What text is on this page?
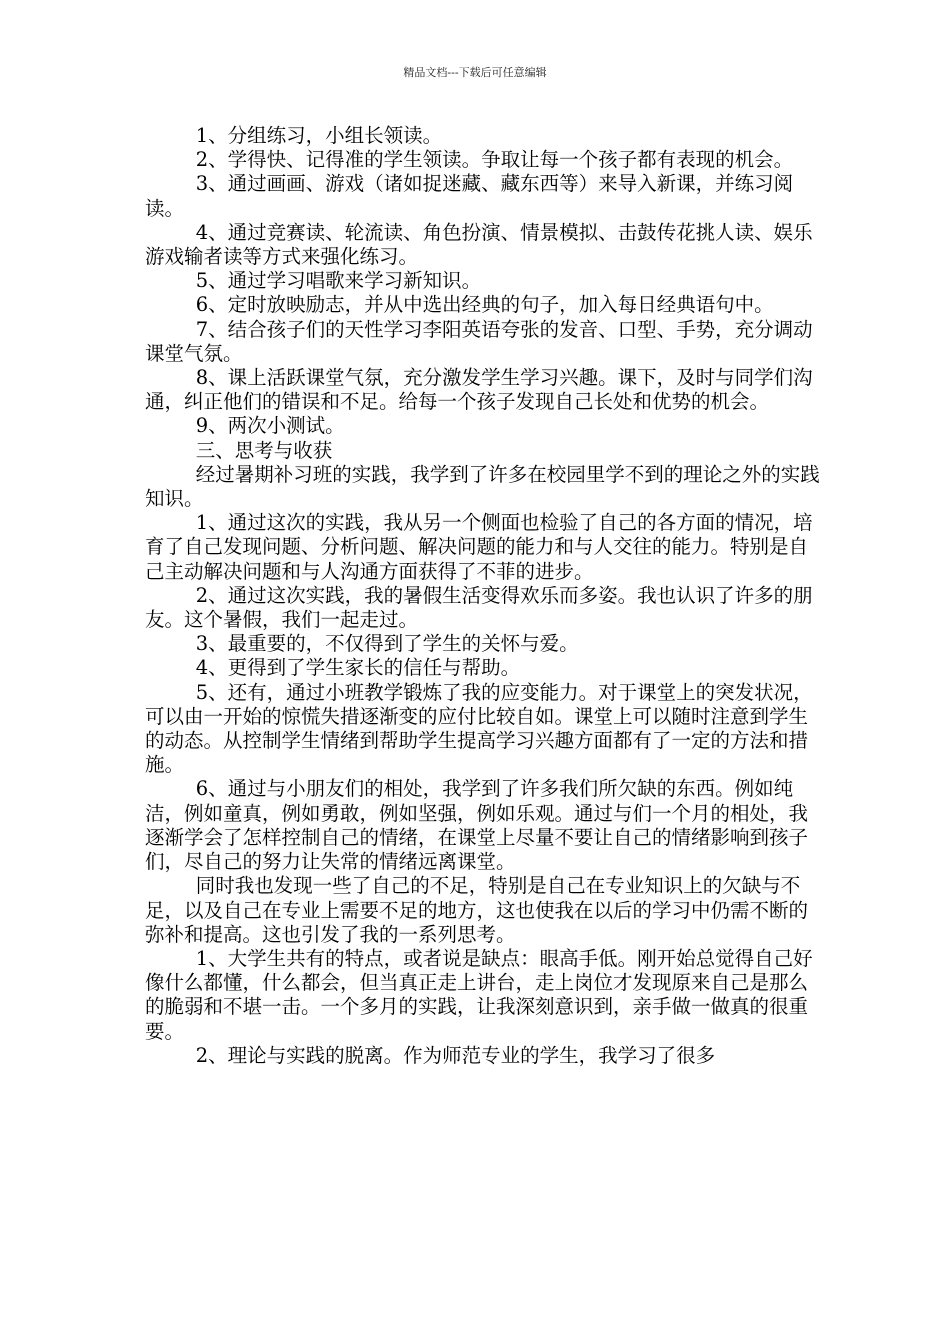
精品文档---下载后可任意编辑

1、分组练习，小组长领读。

2、学得快、记得准的学生领读。争取让每一个孩子都有表现的机会。

3、通过画画、游戏（诸如捉迷藏、藏东西等）来导入新课，并练习阅读。

4、通过竞赛读、轮流读、角色扮演、情景模拟、击鼓传花挑人读、娱乐游戏输者读等方式来强化练习。

5、通过学习唱歌来学习新知识。

6、定时放映励志，并从中选出经典的句子，加入每日经典语句中。

7、结合孩子们的天性学习李阳英语夸张的发音、口型、手势，充分调动课堂气氛。

8、课上活跃课堂气氛，充分激发学生学习兴趣。课下，及时与同学们沟通，纠正他们的错误和不足。给每一个孩子发现自己长处和优势的机会。

9、两次小测试。

三、思考与收获

经过暑期补习班的实践，我学到了许多在校园里学不到的理论之外的实践知识。

1、通过这次的实践，我从另一个侧面也检验了自己的各方面的情况，培育了自己发现问题、分析问题、解决问题的能力和与人交往的能力。特别是自己主动解决问题和与人沟通方面获得了不菲的进步。

2、通过这次实践，我的暑假生活变得欢乐而多姿。我也认识了许多的朋友。这个暑假，我们一起走过。

3、最重要的，不仅得到了学生的关怀与爱。

4、更得到了学生家长的信任与帮助。

5、还有，通过小班教学锻炼了我的应变能力。对于课堂上的突发状况，可以由一开始的惊慌失措逐渐变的应付比较自如。课堂上可以随时注意到学生的动态。从控制学生情绪到帮助学生提高学习兴趣方面都有了一定的方法和措施。

6、通过与小朋友们的相处，我学到了许多我们所欠缺的东西。例如纯洁，例如童真，例如勇敢，例如坚强，例如乐观。通过与们一个月的相处，我逐渐学会了怎样控制自己的情绪，在课堂上尽量不要让自己的情绪影响到孩子们，尽自己的努力让失常的情绪远离课堂。

同时我也发现一些了自己的不足，特别是自己在专业知识上的欠缺与不足，以及自己在专业上需要不足的地方，这也使我在以后的学习中仍需不断的弥补和提高。这也引发了我的一系列思考。

1、大学生共有的特点，或者说是缺点：眼高手低。刚开始总觉得自己好像什么都懂，什么都会，但当真正走上讲台，走上岗位才发现原来自己是那么的脆弱和不堪一击。一个多月的实践，让我深刻意识到，亲手做一做真的很重要。

2、理论与实践的脱离。作为师范专业的学生，我学习了很多
